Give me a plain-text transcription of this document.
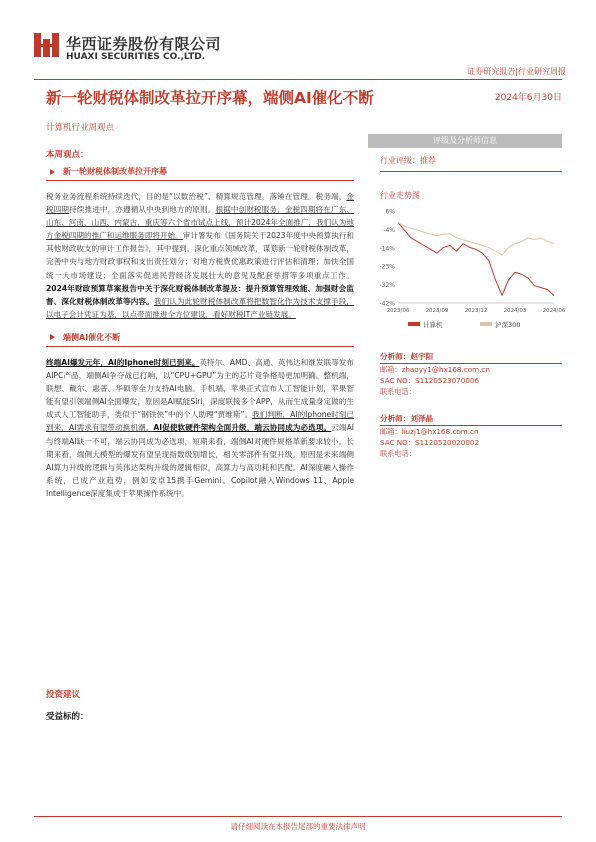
华西证券股份有限公司
HUAXI SECURITIES CO.,LTD.
证券研究报告|行业研究周报
新一轮财税体制改革拉开序幕，端侧AI催化不断	2024年6月30日
计算机行业周观点
本周观点：
新一轮财税体制改革拉开序幕

税务业务流程系统持续迭代，目的是“以数治税”、精算规范管理，落锤在管理。税务端，金税四期持续推进中，亦遵循从中央到地方的原则。根据中创财税服务，金税四期将在广东、山东、河南、山西、内蒙古、重庆等六个省市试点上线，预计2024年全面推广，我们认为地方金税四期的推广和运维服务即将开始。审计署发布《国务院关于2023年度中央预算执行和其他财政收支的审计工作报告》，其中提到，深化重点领域改革，谋划新一轮财税体制改革，完善中央与地方财政事权和支出责任划分；对地方税费优惠政策进行评估和清理；加快全国统一大市场建设；全面落实促进民营经济发展壮大的意见及配套举措等多项重点工作。2024年财政预算草案报告中关于深化财税体制改革提及：提升预算管理效能、加强财会监督、深化财税体制改革等内容。我们认为此轮财税体制改革将把数智化作为技术支撑手段，以电子会计凭证为基，以点带面推进全方位建设，看好财税IT产业链发展。

端侧AI催化不断

终端AI爆发元年，AI的Iphone时刻已到来。英特尔、AMD、高通、英伟达和继发联等发布AIPC产品，端侧AI争夺战已打响，以“CPU+GPU”为主的芯片竞争格局更加明确。整机端，联想、戴尔、惠普、华硕等全力支持AI电脑。手机端，苹果正式宣布人工智能计划，苹果智能有望引领端侧AI全面爆发，原因是AI赋能Siri，深度联接多个APP，从而生成量身定做的生成式人工智能助手，类似于“钢铁侠”中的个人助理“贾维斯”。我们判断，AI的Iphone时刻已到来，AI需求有望带动换机潮。AI促使软硬件架构全面升级，端云协同成为必选项。云端AI与终端AI缺一不可，端云协同成为必选项，短期来看，端侧AI对硬件规格革新要求较小。长期来看，端侧大模型的爆发有望呈现指数级别增长，相关零部件有望升级。原因是未来端侧AI算力升级的逻辑与英伟达架构升级的逻辑相似，高算力与高功耗和匹配。AI深度融入操作系统，已成产业趋势，例如安卓15携手Gemini、Copilot融入Windows 11、Apple Intelligence深度集成于苹果操作系统中。

评级及分析师信息
行业评级：推荐
行业走势图
6%
-4%
-14%
-23%
-32%
-42%
2023/06	2023/09	2023/12	2024/03	2024/06
计算机	沪深300
分析师：赵宇阳
邮箱：zhaoyy1@hx168.com.cn
SAC NO：S1120523070006
联系电话：
分析师：刘泽晶
邮箱：liuzj1@hx168.com.cn
SAC NO：S1120520020002
联系电话：
投资建议
受益标的：
请仔细阅读在本报告尾部的重要法律声明
